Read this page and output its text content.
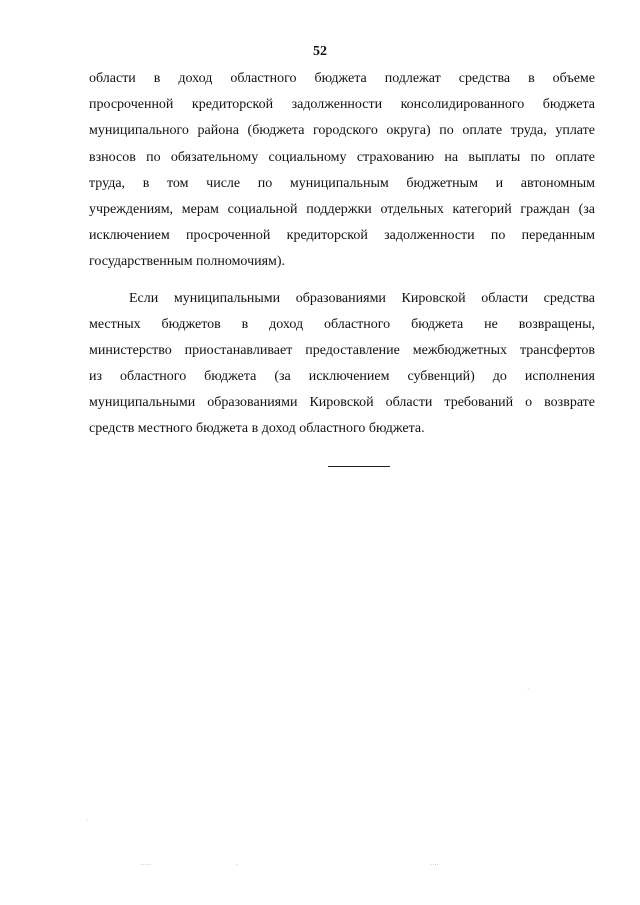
52
области в доход областного бюджета подлежат средства в объеме
просроченной кредиторской задолженности консолидированного бюджета
муниципального района (бюджета городского округа) по оплате труда, уплате
взносов по обязательному социальному страхованию на выплаты по оплате
труда, в том числе по муниципальным бюджетным и автономным
учреждениям, мерам социальной поддержки отдельных категорий граждан (за
исключением просроченной кредиторской задолженности по переданным
государственным полномочиям).
Если муниципальными образованиями Кировской области средства
местных бюджетов в доход областного бюджета не возвращены,
министерство приостанавливает предоставление межбюджетных трансфертов
из областного бюджета (за исключением субвенций) до исполнения
муниципальными образованиями Кировской области требований о возврате
средств местного бюджета в доход областного бюджета.
·····	·	····
·
·
